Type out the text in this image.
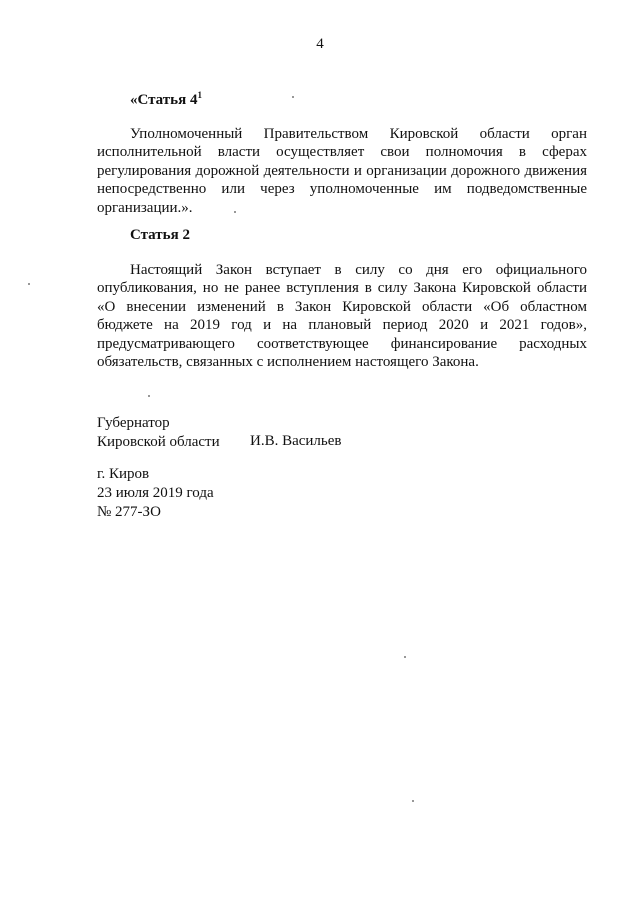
4
«Статья $4^1$

Уполномоченный Правительством Кировской области орган исполнительной власти осуществляет свои полномочия в сферах регулирования дорожной деятельности и организации дорожного движения непосредственно или через уполномоченные им подведомственные организации.».

Статья 2

Настоящий Закон вступает в силу со дня его официального опубликования, но не ранее вступления в силу Закона Кировской области «О внесении изменений в Закон Кировской области «Об областном бюджете на 2019 год и на плановый период 2020 и 2021 годов», предусматривающего соответствующее финансирование расходных обязательств, связанных с исполнением настоящего Закона.

Губернатор
Кировской области И.В. Васильев
г. Киров
23 июля 2019 года
№ 277-ЗО
